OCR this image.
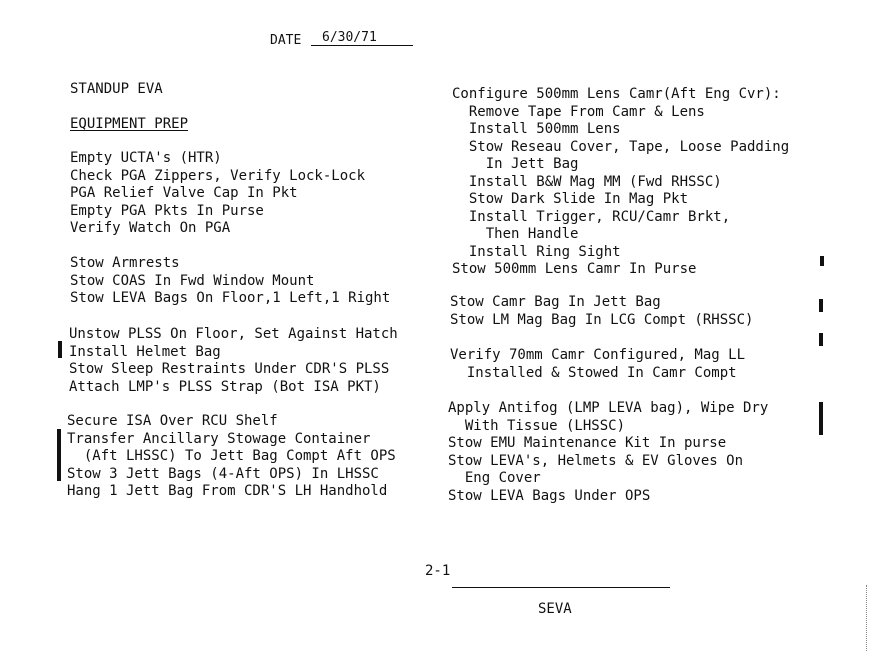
DATE 6/30/71
STANDUP EVA
EQUIPMENT PREP
Empty UCTA's (HTR)
Check PGA Zippers, Verify Lock-Lock
PGA Relief Valve Cap In Pkt
Empty PGA Pkts In Purse
Verify Watch On PGA
Stow Armrests
Stow COAS In Fwd Window Mount
Stow LEVA Bags On Floor,1 Left,1 Right
Unstow PLSS On Floor, Set Against Hatch
Install Helmet Bag
Stow Sleep Restraints Under CDR'S PLSS
Attach LMP's PLSS Strap (Bot ISA PKT)
Secure ISA Over RCU Shelf
Transfer Ancillary Stowage Container
(Aft LHSSC) To Jett Bag Compt Aft OPS
Stow 3 Jett Bags (4-Aft OPS) In LHSSC
Hang 1 Jett Bag From CDR'S LH Handhold
Configure 500mm Lens Camr(Aft Eng Cvr):
Remove Tape From Camr & Lens
Install 500mm Lens
Stow Reseau Cover, Tape, Loose Padding
In Jett Bag
Install B&W Mag MM (Fwd RHSSC)
Stow Dark Slide In Mag Pkt
Install Trigger, RCU/Camr Brkt,
Then Handle
Install Ring Sight
Stow 500mm Lens Camr In Purse
Stow Camr Bag In Jett Bag
Stow LM Mag Bag In LCG Compt (RHSSC)
Verify 70mm Camr Configured, Mag LL
Installed & Stowed In Camr Compt
Apply Antifog (LMP LEVA bag), Wipe Dry
With Tissue (LHSSC)
Stow EMU Maintenance Kit In purse
Stow LEVA's, Helmets & EV Gloves On
Eng Cover
Stow LEVA Bags Under OPS
2-1
SEVA
